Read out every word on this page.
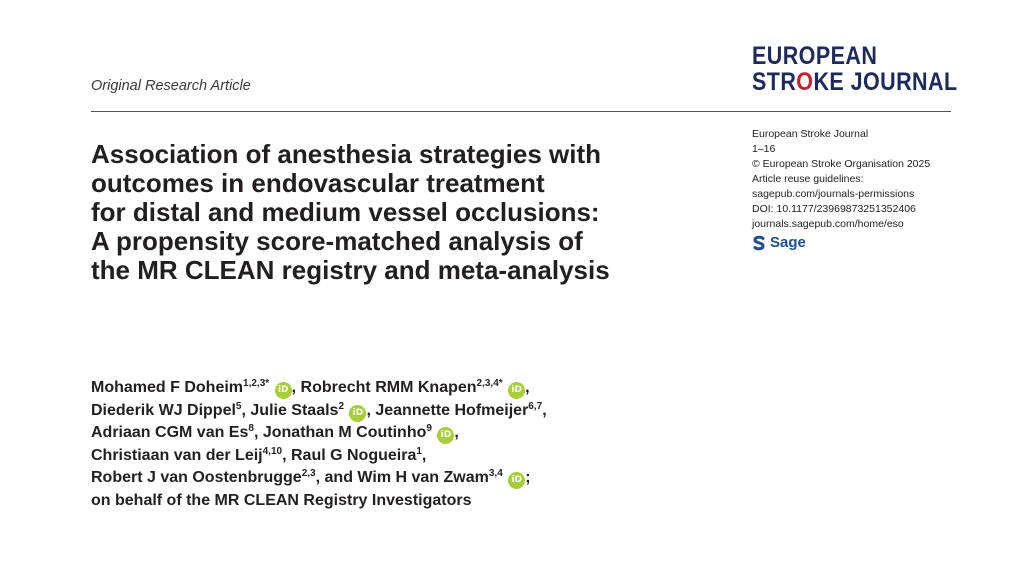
Original Research Article
EUROPEAN
STROKE JOURNAL
European Stroke Journal
1–16
© European Stroke Organisation 2025
Article reuse guidelines:
sagepub.com/journals-permissions
DOI: 10.1177/23969873251352406
journals.sagepub.com/home/eso
Sage
Association of anesthesia strategies with
outcomes in endovascular treatment
for distal and medium vessel occlusions:
A propensity score-matched analysis of
the MR CLEAN registry and meta-analysis
Mohamed F Doheim$^{1,2,3*}$ iD , Robrecht RMM Knapen$^{2,3,4*}$ iD ,
Diederik WJ Dippel$^5$, Julie Staals$^2$ iD , Jeannette Hofmeijer$^{6,7}$,
Adriaan CGM van Es$^8$, Jonathan M Coutinho$^9$ iD ,
Christiaan van der Leij$^{4,10}$, Raul G Nogueira$^1$,
Robert J van Oostenbrugge$^{2,3}$, and Wim H van Zwam$^{3,4}$ iD ;
on behalf of the MR CLEAN Registry Investigators
